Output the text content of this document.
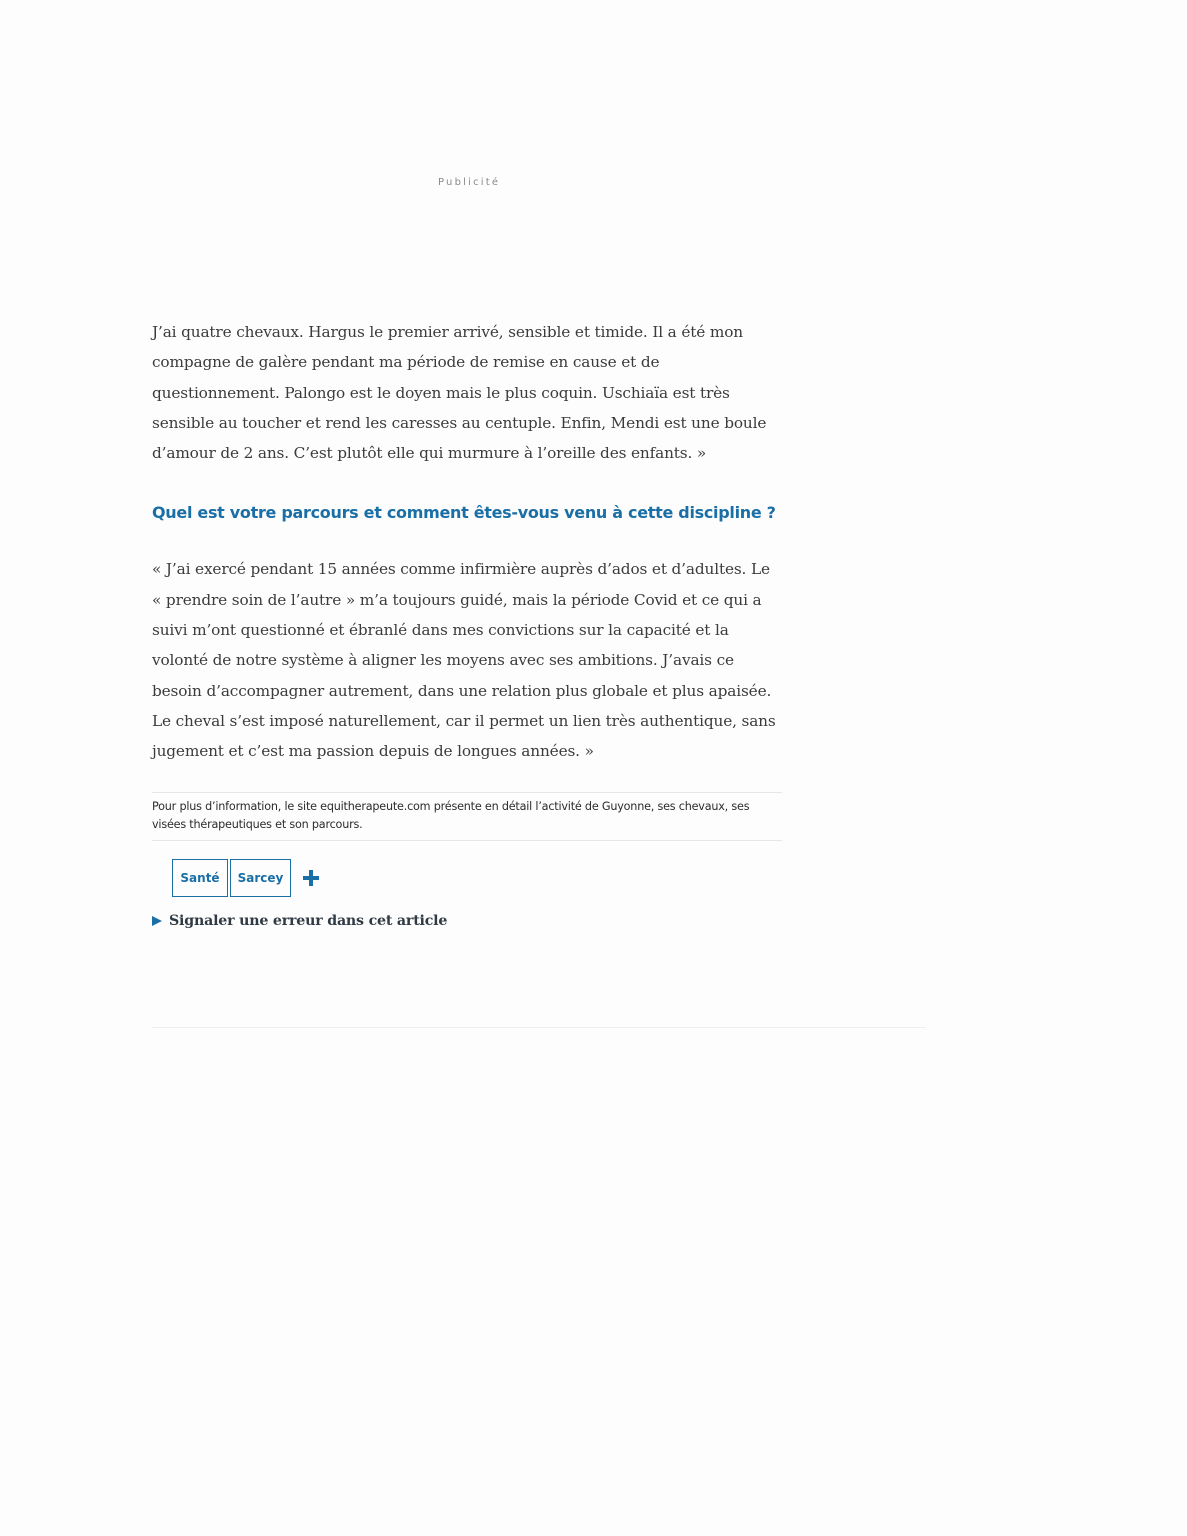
Publicité

J’ai quatre chevaux. Hargus le premier arrivé, sensible et timide. Il a été mon compagne de galère pendant ma période de remise en cause et de questionnement. Palongo est le doyen mais le plus coquin. Uschiaïa est très sensible au toucher et rend les caresses au centuple. Enfin, Mendi est une boule d’amour de 2 ans. C’est plutôt elle qui murmure à l’oreille des enfants. »

Quel est votre parcours et comment êtes-vous venu à cette discipline ?

« J’ai exercé pendant 15 années comme infirmière auprès d’ados et d’adultes. Le « prendre soin de l’autre » m’a toujours guidé, mais la période Covid et ce qui a suivi m’ont questionné et ébranlé dans mes convictions sur la capacité et la volonté de notre système à aligner les moyens avec ses ambitions. J’avais ce besoin d’accompagner autrement, dans une relation plus globale et plus apaisée. Le cheval s’est imposé naturellement, car il permet un lien très authentique, sans jugement et c’est ma passion depuis de longues années. »

Pour plus d’information, le site equitherapeute.com présente en détail l’activité de Guyonne, ses chevaux, ses visées thérapeutiques et son parcours.
Santé	Sarcey
Signaler une erreur dans cet article
